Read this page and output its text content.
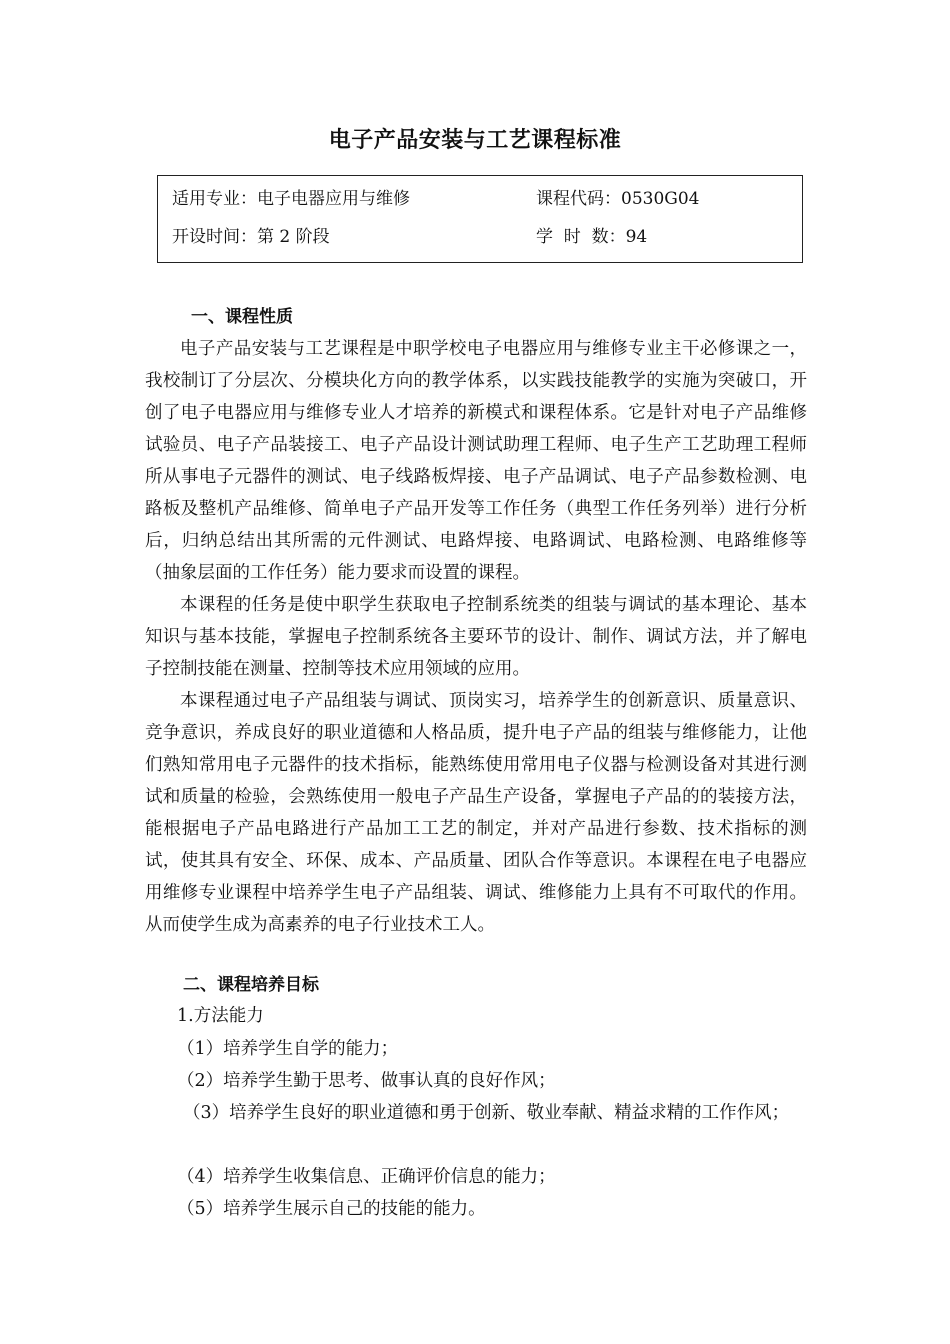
电子产品安装与工艺课程标准
适用专业：电子电器应用与维修	课程代码：0530G04
开设时间：第 2 阶段	学  时  数：94
一、课程性质
电子产品安装与工艺课程是中职学校电子电器应用与维修专业主干必修课之一，我校制订了分层次、分模块化方向的教学体系，以实践技能教学的实施为突破口，开创了电子电器应用与维修专业人才培养的新模式和课程体系。它是针对电子产品维修试验员、电子产品装接工、电子产品设计测试助理工程师、电子生产工艺助理工程师所从事电子元器件的测试、电子线路板焊接、电子产品调试、电子产品参数检测、电路板及整机产品维修、简单电子产品开发等工作任务（典型工作任务列举）进行分析后，归纳总结出其所需的元件测试、电路焊接、电路调试、电路检测、电路维修等（抽象层面的工作任务）能力要求而设置的课程。
本课程的任务是使中职学生获取电子控制系统类的组装与调试的基本理论、基本知识与基本技能，掌握电子控制系统各主要环节的设计、制作、调试方法，并了解电子控制技能在测量、控制等技术应用领域的应用。
本课程通过电子产品组装与调试、顶岗实习，培养学生的创新意识、质量意识、竞争意识，养成良好的职业道德和人格品质，提升电子产品的组装与维修能力，让他们熟知常用电子元器件的技术指标，能熟练使用常用电子仪器与检测设备对其进行测试和质量的检验，会熟练使用一般电子产品生产设备，掌握电子产品的的装接方法，能根据电子产品电路进行产品加工工艺的制定，并对产品进行参数、技术指标的测试，使其具有安全、环保、成本、产品质量、团队合作等意识。本课程在电子电器应用维修专业课程中培养学生电子产品组装、调试、维修能力上具有不可取代的作用。从而使学生成为高素养的电子行业技术工人。
二、课程培养目标
1.方法能力
（1）培养学生自学的能力；
（2）培养学生勤于思考、做事认真的良好作风；
（3）培养学生良好的职业道德和勇于创新、敬业奉献、精益求精的工作作风；
（4）培养学生收集信息、正确评价信息的能力；
（5）培养学生展示自己的技能的能力。
